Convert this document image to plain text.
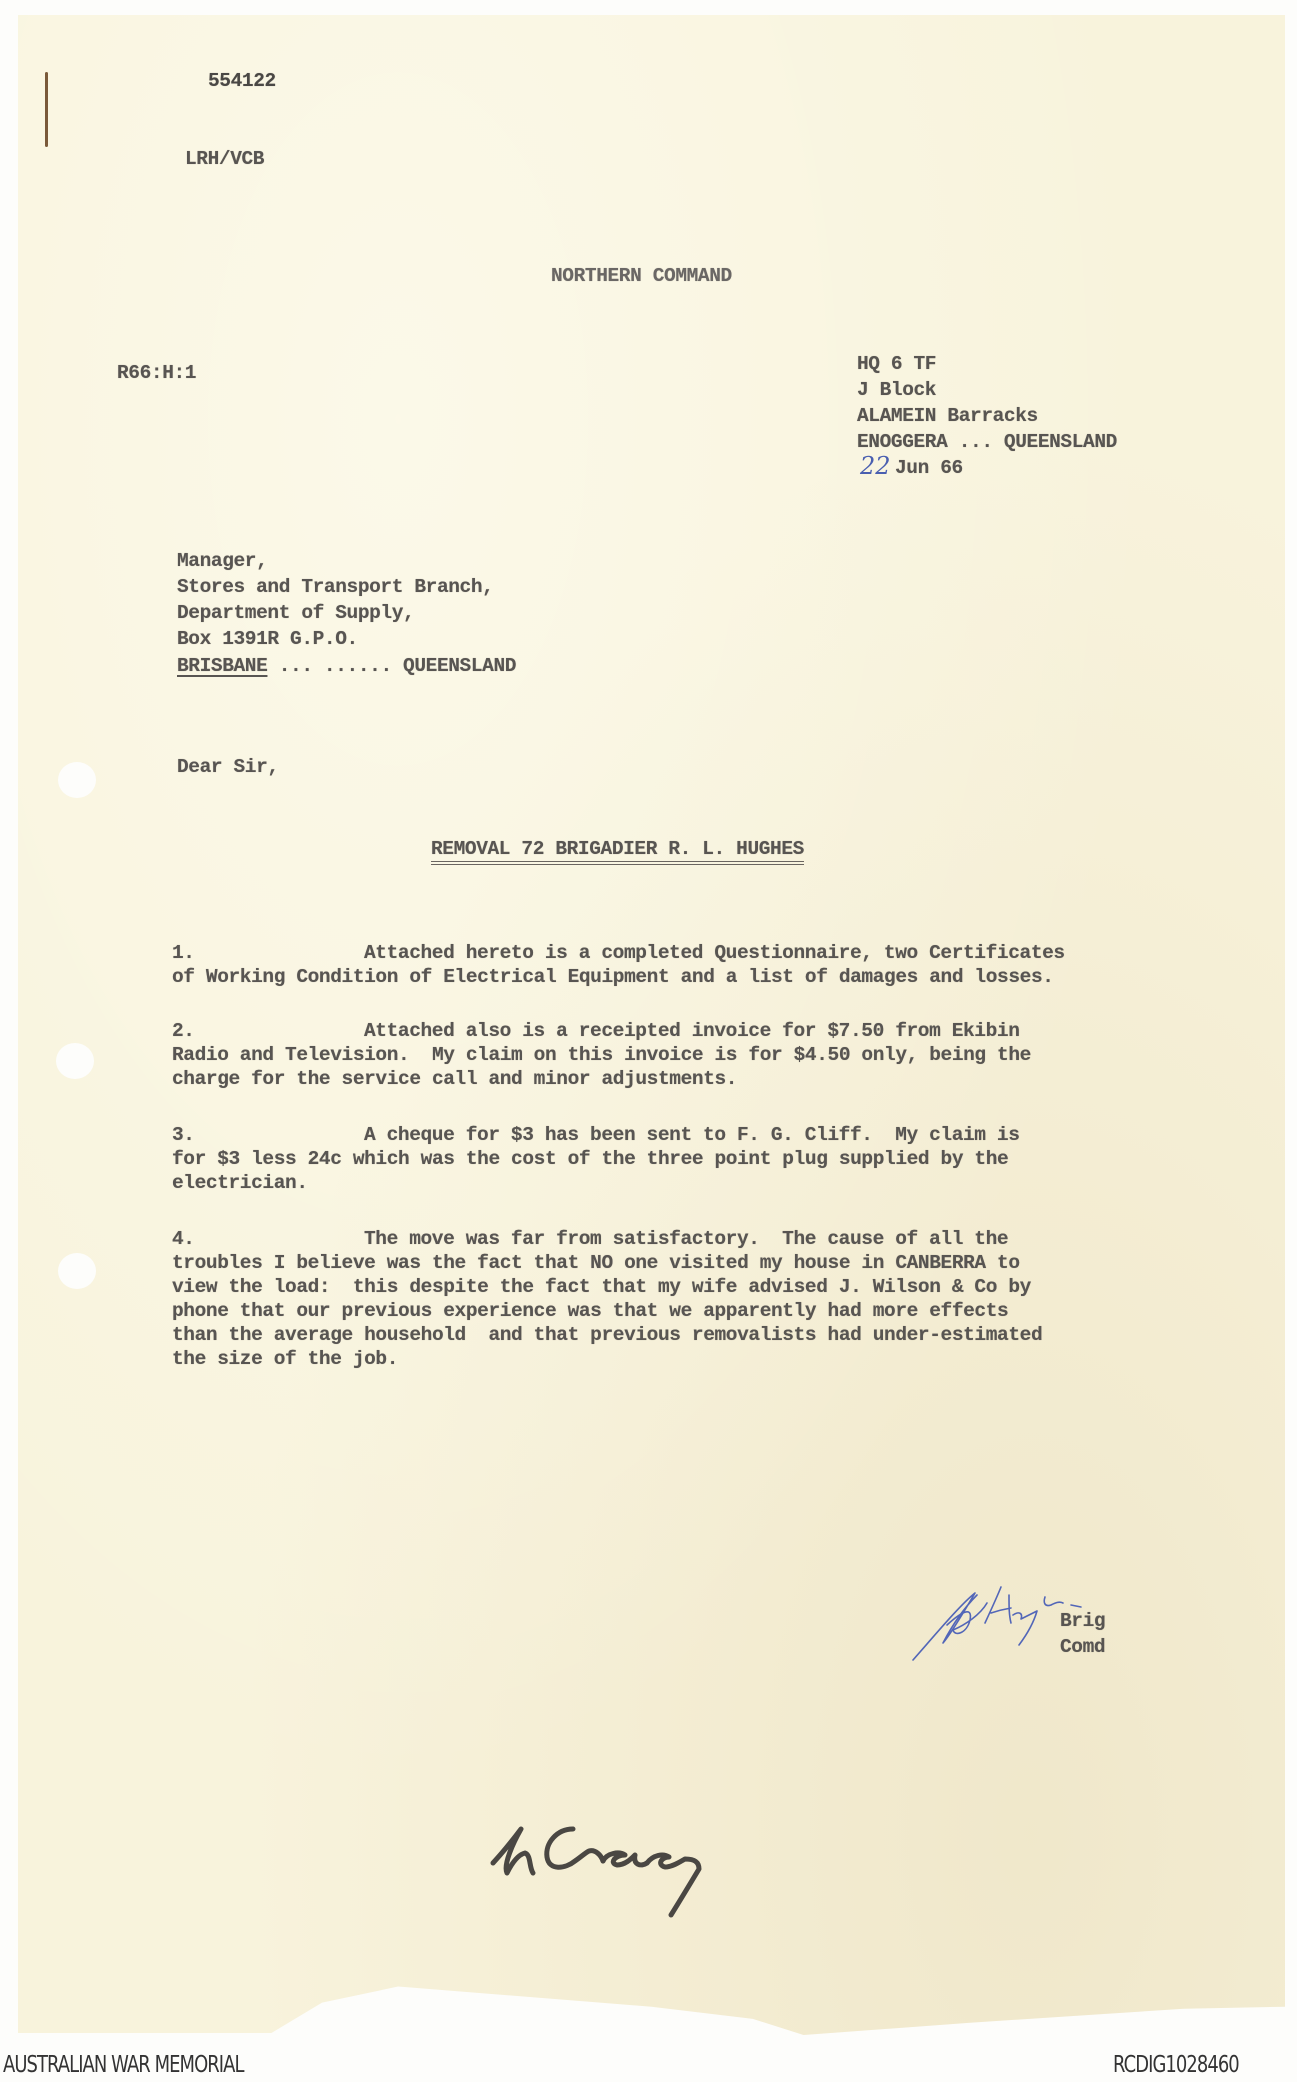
554122
LRH/VCB
NORTHERN COMMAND
R66:H:1	HQ 6 TF
J Block
ALAMEIN Barracks
ENOGGERA ... QUEENSLAND
22 Jun 66
Manager,
Stores and Transport Branch,
Department of Supply,
Box 1391R G.P.O.
BRISBANE ... ...... QUEENSLAND
Dear Sir,
REMOVAL 72 BRIGADIER R. L. HUGHES
1.	Attached hereto is a completed Questionnaire, two Certificates

of Working Condition of Electrical Equipment and a list of damages and losses.
2.	Attached also is a receipted invoice for $7.50 from Ekibin

Radio and Television.  My claim on this invoice is for $4.50 only, being the
charge for the service call and minor adjustments.
3.	A cheque for $3 has been sent to F. G. Cliff.  My claim is

for $3 less 24c which was the cost of the three point plug supplied by the
electrician.
4.	The move was far from satisfactory.  The cause of all the

troubles I believe was the fact that NO one visited my house in CANBERRA to
view the load:  this despite the fact that my wife advised J. Wilson & Co by
phone that our previous experience was that we apparently had more effects
than the average household  and that previous removalists had under-estimated
the size of the job.
Brig
Comd
AUSTRALIAN WAR MEMORIAL	RCDIG1028460
